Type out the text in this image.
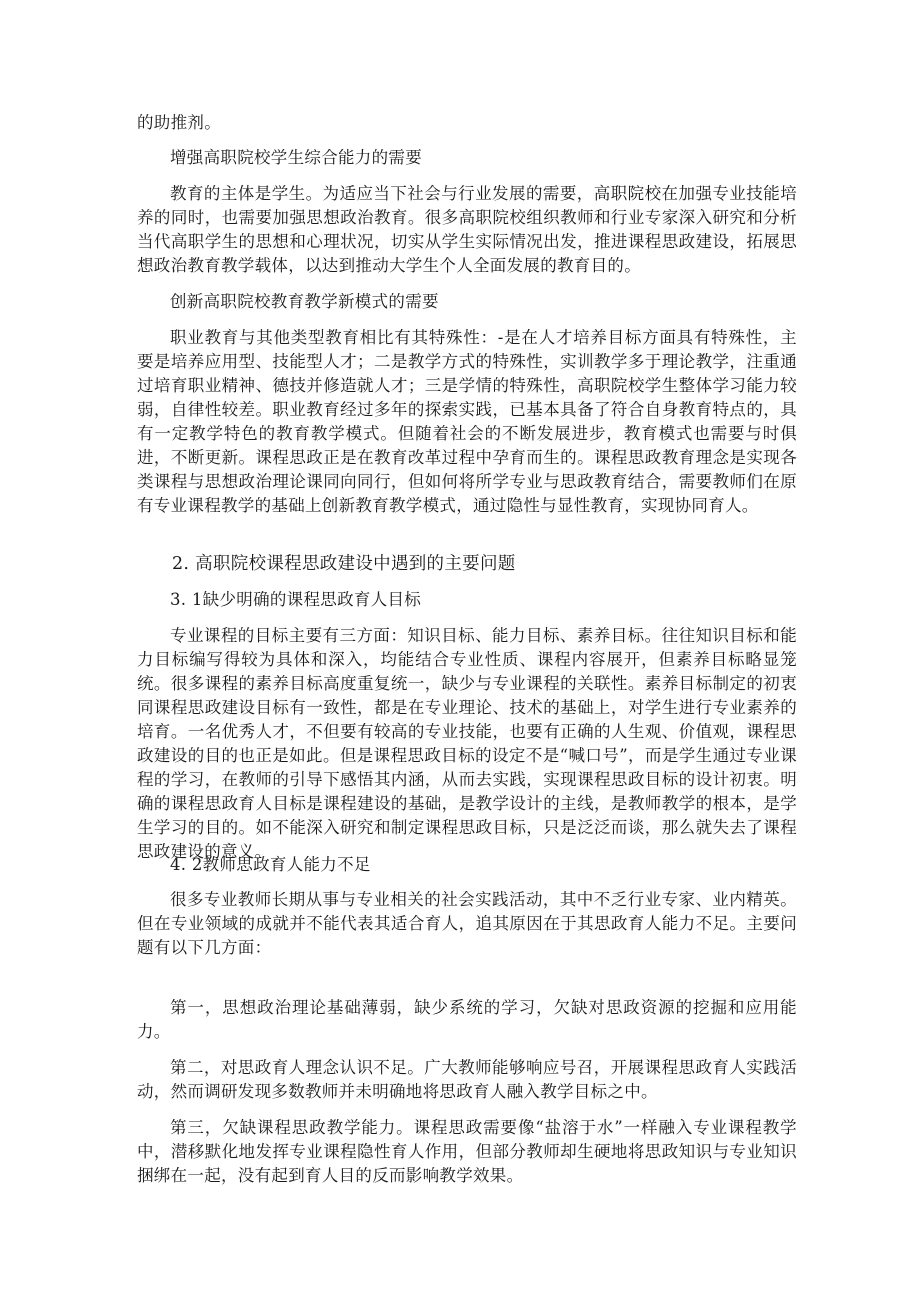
的助推剂。

增强高职院校学生综合能力的需要

教育的主体是学生。为适应当下社会与行业发展的需要，高职院校在加强专业技能培养的同时，也需要加强思想政治教育。很多高职院校组织教师和行业专家深入研究和分析当代高职学生的思想和心理状况，切实从学生实际情况出发，推进课程思政建设，拓展思想政治教育教学载体，以达到推动大学生个人全面发展的教育目的。

创新高职院校教育教学新模式的需要

职业教育与其他类型教育相比有其特殊性：-是在人才培养目标方面具有特殊性，主要是培养应用型、技能型人才；二是教学方式的特殊性，实训教学多于理论教学，注重通过培育职业精神、德技并修造就人才；三是学情的特殊性，高职院校学生整体学习能力较弱，自律性较差。职业教育经过多年的探索实践，已基本具备了符合自身教育特点的，具有一定教学特色的教育教学模式。但随着社会的不断发展进步，教育模式也需要与时俱进，不断更新。课程思政正是在教育改革过程中孕育而生的。课程思政教育理念是实现各类课程与思想政治理论课同向同行，但如何将所学专业与思政教育结合，需要教师们在原有专业课程教学的基础上创新教育教学模式，通过隐性与显性教育，实现协同育人。

2. 高职院校课程思政建设中遇到的主要问题

3. 1缺少明确的课程思政育人目标

专业课程的目标主要有三方面：知识目标、能力目标、素养目标。往往知识目标和能力目标编写得较为具体和深入，均能结合专业性质、课程内容展开，但素养目标略显笼统。很多课程的素养目标高度重复统一，缺少与专业课程的关联性。素养目标制定的初衷同课程思政建设目标有一致性，都是在专业理论、技术的基础上，对学生进行专业素养的培育。一名优秀人才，不但要有较高的专业技能，也要有正确的人生观、价值观，课程思政建设的目的也正是如此。但是课程思政目标的设定不是“喊口号”，而是学生通过专业课程的学习，在教师的引导下感悟其内涵，从而去实践，实现课程思政目标的设计初衷。明确的课程思政育人目标是课程建设的基础，是教学设计的主线，是教师教学的根本，是学生学习的目的。如不能深入研究和制定课程思政目标，只是泛泛而谈，那么就失去了课程思政建设的意义。

4. 2教师思政育人能力不足

很多专业教师长期从事与专业相关的社会实践活动，其中不乏行业专家、业内精英。但在专业领域的成就并不能代表其适合育人，追其原因在于其思政育人能力不足。主要问题有以下几方面：

第一，思想政治理论基础薄弱，缺少系统的学习，欠缺对思政资源的挖掘和应用能力。

第二，对思政育人理念认识不足。广大教师能够响应号召，开展课程思政育人实践活动，然而调研发现多数教师并未明确地将思政育人融入教学目标之中。

第三，欠缺课程思政教学能力。课程思政需要像“盐溶于水”一样融入专业课程教学中，潜移默化地发挥专业课程隐性育人作用，但部分教师却生硬地将思政知识与专业知识捆绑在一起，没有起到育人目的反而影响教学效果。
